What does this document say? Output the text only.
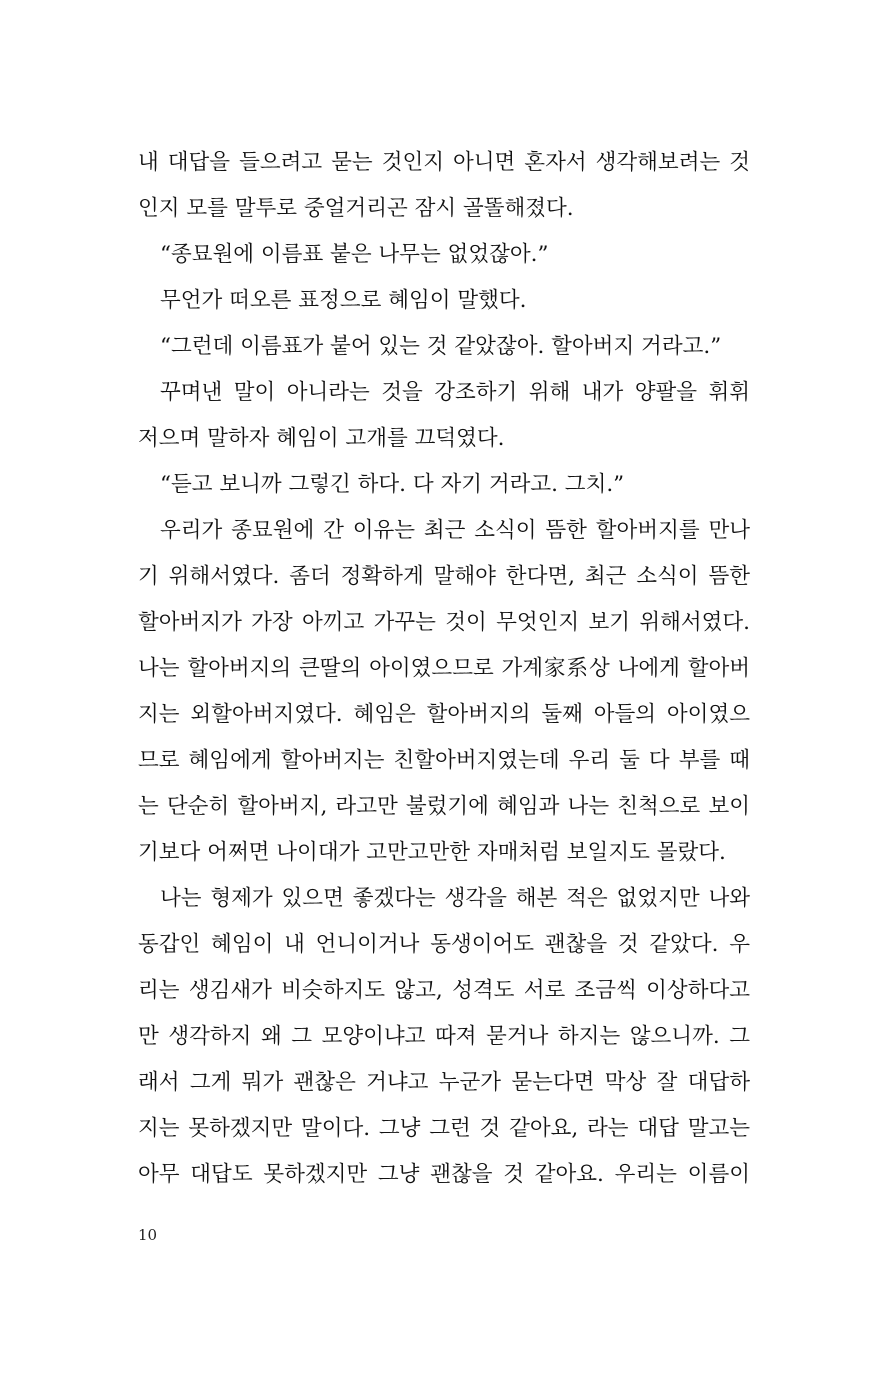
내 대답을 들으려고 묻는 것인지 아니면 혼자서 생각해보려는 것
인지 모를 말투로 중얼거리곤 잠시 골똘해졌다.
“종묘원에 이름표 붙은 나무는 없었잖아.”
무언가 떠오른 표정으로 혜임이 말했다.
“그런데 이름표가 붙어 있는 것 같았잖아. 할아버지 거라고.”
꾸며낸 말이 아니라는 것을 강조하기 위해 내가 양팔을 휘휘
저으며 말하자 혜임이 고개를 끄덕였다.
“듣고 보니까 그렇긴 하다. 다 자기 거라고. 그치.”
우리가 종묘원에 간 이유는 최근 소식이 뜸한 할아버지를 만나
기 위해서였다. 좀더 정확하게 말해야 한다면, 최근 소식이 뜸한
할아버지가 가장 아끼고 가꾸는 것이 무엇인지 보기 위해서였다.
나는 할아버지의 큰딸의 아이였으므로 가계家系상 나에게 할아버
지는 외할아버지였다. 혜임은 할아버지의 둘째 아들의 아이였으
므로 혜임에게 할아버지는 친할아버지였는데 우리 둘 다 부를 때
는 단순히 할아버지, 라고만 불렀기에 혜임과 나는 친척으로 보이
기보다 어쩌면 나이대가 고만고만한 자매처럼 보일지도 몰랐다.
나는 형제가 있으면 좋겠다는 생각을 해본 적은 없었지만 나와
동갑인 혜임이 내 언니이거나 동생이어도 괜찮을 것 같았다. 우
리는 생김새가 비슷하지도 않고, 성격도 서로 조금씩 이상하다고
만 생각하지 왜 그 모양이냐고 따져 묻거나 하지는 않으니까. 그
래서 그게 뭐가 괜찮은 거냐고 누군가 묻는다면 막상 잘 대답하
지는 못하겠지만 말이다. 그냥 그런 것 같아요, 라는 대답 말고는
아무 대답도 못하겠지만 그냥 괜찮을 것 같아요. 우리는 이름이
10
